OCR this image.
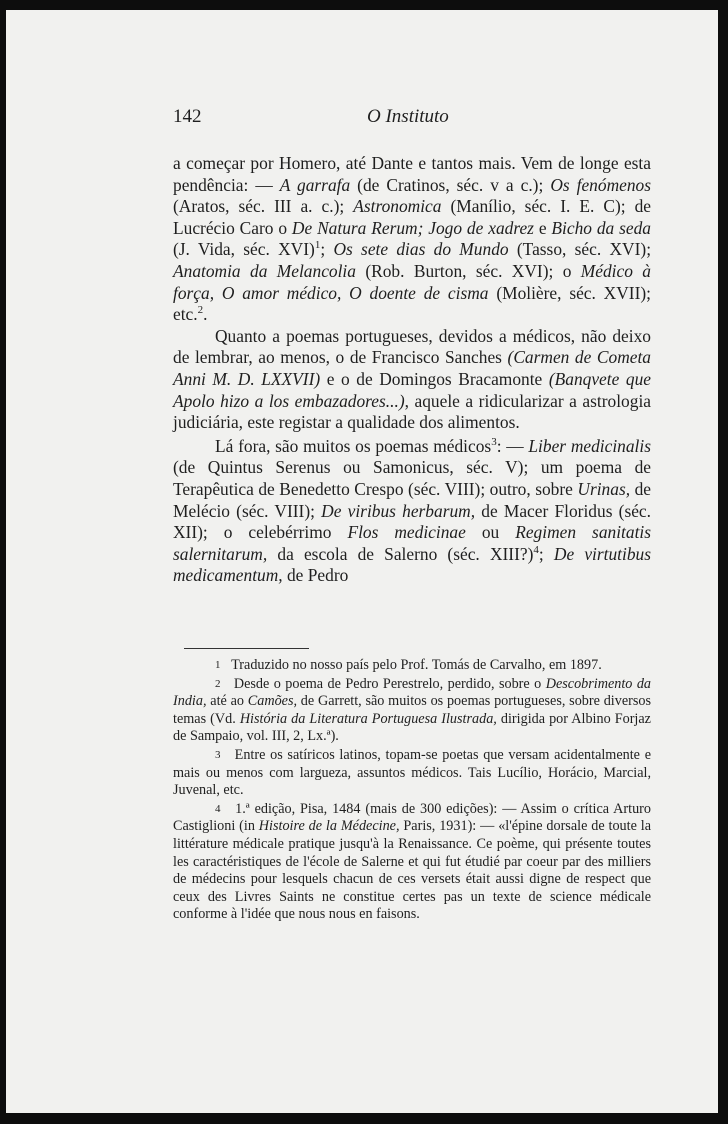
142	O Instituto

a começar por Homero, até Dante e tantos mais. Vem de longe esta pendência: — A garrafa (de Cratinos, séc. v a c.); Os fenómenos (Aratos, séc. III a. c.); Astronomica (Manílio, séc. I. E. C); de Lucrécio Caro o De Natura Rerum; Jogo de xadrez e Bicho da seda (J. Vida, séc. XVI)$^1$; Os sete dias do Mundo (Tasso, séc. XVI); Anatomia da Melancolia (Rob. Burton, séc. XVI); o Médico à força, O amor médico, O doente de cisma (Molière, séc. XVII); etc.$^2$.

Quanto a poemas portugueses, devidos a médicos, não deixo de lembrar, ao menos, o de Francisco Sanches (Carmen de Cometa Anni M. D. LXXVII) e o de Domingos Bracamonte (Banqvete que Apolo hizo a los embazadores...), aquele a ridicularizar a astrologia judiciária, este registar a qualidade dos alimentos.

Lá fora, são muitos os poemas médicos$^3$: — Liber medicinalis (de Quintus Serenus ou Samonicus, séc. V); um poema de Terapêutica de Benedetto Crespo (séc. VIII); outro, sobre Urinas, de Melécio (séc. VIII); De viribus herbarum, de Macer Floridus (séc. XII); o celebérrimo Flos medicinae ou Regimen sanitatis salernitarum, da escola de Salerno (séc. XIII?)$^4$; De virtutibus medicamentum, de Pedro

1 Traduzido no nosso país pelo Prof. Tomás de Carvalho, em 1897.

2 Desde o poema de Pedro Perestrelo, perdido, sobre o Descobrimento da India, até ao Camões, de Garrett, são muitos os poemas portugueses, sobre diversos temas (Vd. História da Literatura Portuguesa Ilustrada, dirigida por Albino Forjaz de Sampaio, vol. III, 2, Lx.ª).

3 Entre os satíricos latinos, topam-se poetas que versam acidentalmente e mais ou menos com largueza, assuntos médicos. Tais Lucílio, Horácio, Marcial, Juvenal, etc.

4 1.ª edição, Pisa, 1484 (mais de 300 edições): — Assim o crítica Arturo Castiglioni (in Histoire de la Médecine, Paris, 1931): — «l'épine dorsale de toute la littérature médicale pratique jusqu'à la Renaissance. Ce poème, qui présente toutes les caractéristiques de l'école de Salerne et qui fut étudié par coeur par des milliers de médecins pour lesquels chacun de ces versets était aussi digne de respect que ceux des Livres Saints ne constitue certes pas un texte de science médicale conforme à l'idée que nous nous en faisons.
